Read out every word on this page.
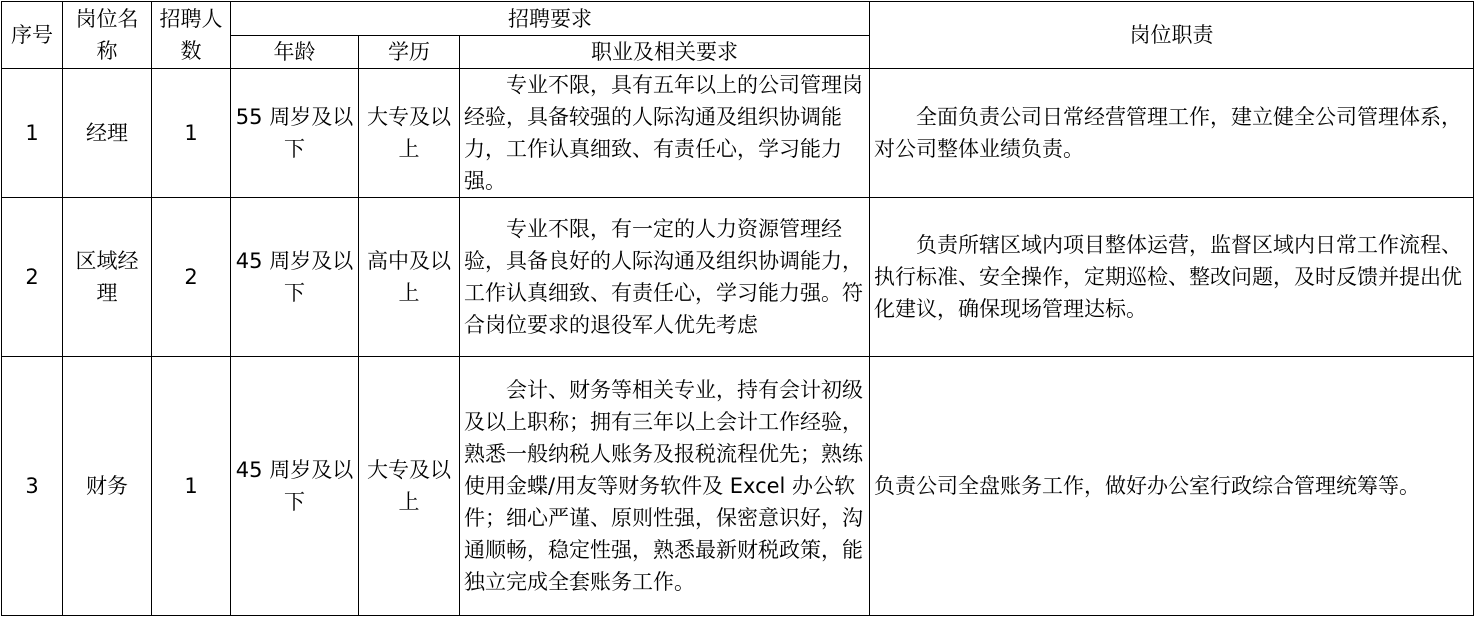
序号	岗位名称	招聘人数	招聘要求			岗位职责
			年龄	学历	职业及相关要求	
1	经理	1	55 周岁及以下	大专及以上	专业不限，具有五年以上的公司管理岗经验，具备较强的人际沟通及组织协调能力，工作认真细致、有责任心，学习能力强。	全面负责公司日常经营管理工作，建立健全公司管理体系，对公司整体业绩负责。
2	区域经理	2	45 周岁及以下	高中及以上	专业不限，有一定的人力资源管理经验，具备良好的人际沟通及组织协调能力，工作认真细致、有责任心，学习能力强。符合岗位要求的退役军人优先考虑	负责所辖区域内项目整体运营，监督区域内日常工作流程、执行标准、安全操作，定期巡检、整改问题，及时反馈并提出优化建议，确保现场管理达标。
3	财务	1	45 周岁及以下	大专及以上	会计、财务等相关专业，持有会计初级及以上职称；拥有三年以上会计工作经验，熟悉一般纳税人账务及报税流程优先；熟练使用金蝶/用友等财务软件及 Excel 办公软件；细心严谨、原则性强，保密意识好，沟通顺畅，稳定性强，熟悉最新财税政策，能独立完成全套账务工作。	负责公司全盘账务工作，做好办公室行政综合管理统筹等。
